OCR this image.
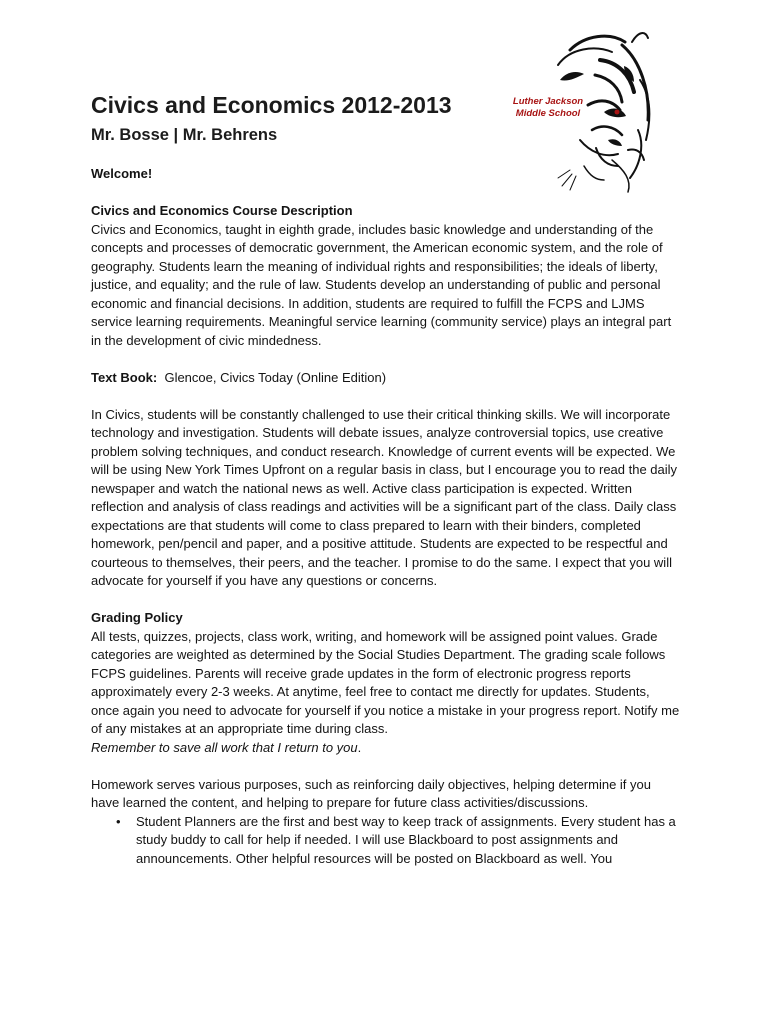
Civics and Economics 2012-2013
Mr. Bosse | Mr. Behrens
Luther Jackson
Middle School

Welcome!

Civics and Economics Course Description

Civics and Economics, taught in eighth grade, includes basic knowledge and understanding of the concepts and processes of democratic government, the American economic system, and the role of geography. Students learn the meaning of individual rights and responsibilities; the ideals of liberty, justice, and equality; and the rule of law. Students develop an understanding of public and personal economic and financial decisions. In addition, students are required to fulfill the FCPS and LJMS service learning requirements. Meaningful service learning (community service) plays an integral part in the development of civic mindedness.

Text Book: Glencoe, Civics Today (Online Edition)

In Civics, students will be constantly challenged to use their critical thinking skills. We will incorporate technology and investigation. Students will debate issues, analyze controversial topics, use creative problem solving techniques, and conduct research. Knowledge of current events will be expected. We will be using New York Times Upfront on a regular basis in class, but I encourage you to read the daily newspaper and watch the national news as well. Active class participation is expected. Written reflection and analysis of class readings and activities will be a significant part of the class. Daily class expectations are that students will come to class prepared to learn with their binders, completed homework, pen/pencil and paper, and a positive attitude. Students are expected to be respectful and courteous to themselves, their peers, and the teacher. I promise to do the same. I expect that you will advocate for yourself if you have any questions or concerns.

Grading Policy

All tests, quizzes, projects, class work, writing, and homework will be assigned point values. Grade categories are weighted as determined by the Social Studies Department. The grading scale follows FCPS guidelines. Parents will receive grade updates in the form of electronic progress reports approximately every 2-3 weeks. At anytime, feel free to contact me directly for updates. Students, once again you need to advocate for yourself if you notice a mistake in your progress report. Notify me of any mistakes at an appropriate time during class.
Remember to save all work that I return to you.

Homework serves various purposes, such as reinforcing daily objectives, helping determine if you have learned the content, and helping to prepare for future class activities/discussions.

• Student Planners are the first and best way to keep track of assignments. Every student has a study buddy to call for help if needed. I will use Blackboard to post assignments and announcements. Other helpful resources will be posted on Blackboard as well. You
